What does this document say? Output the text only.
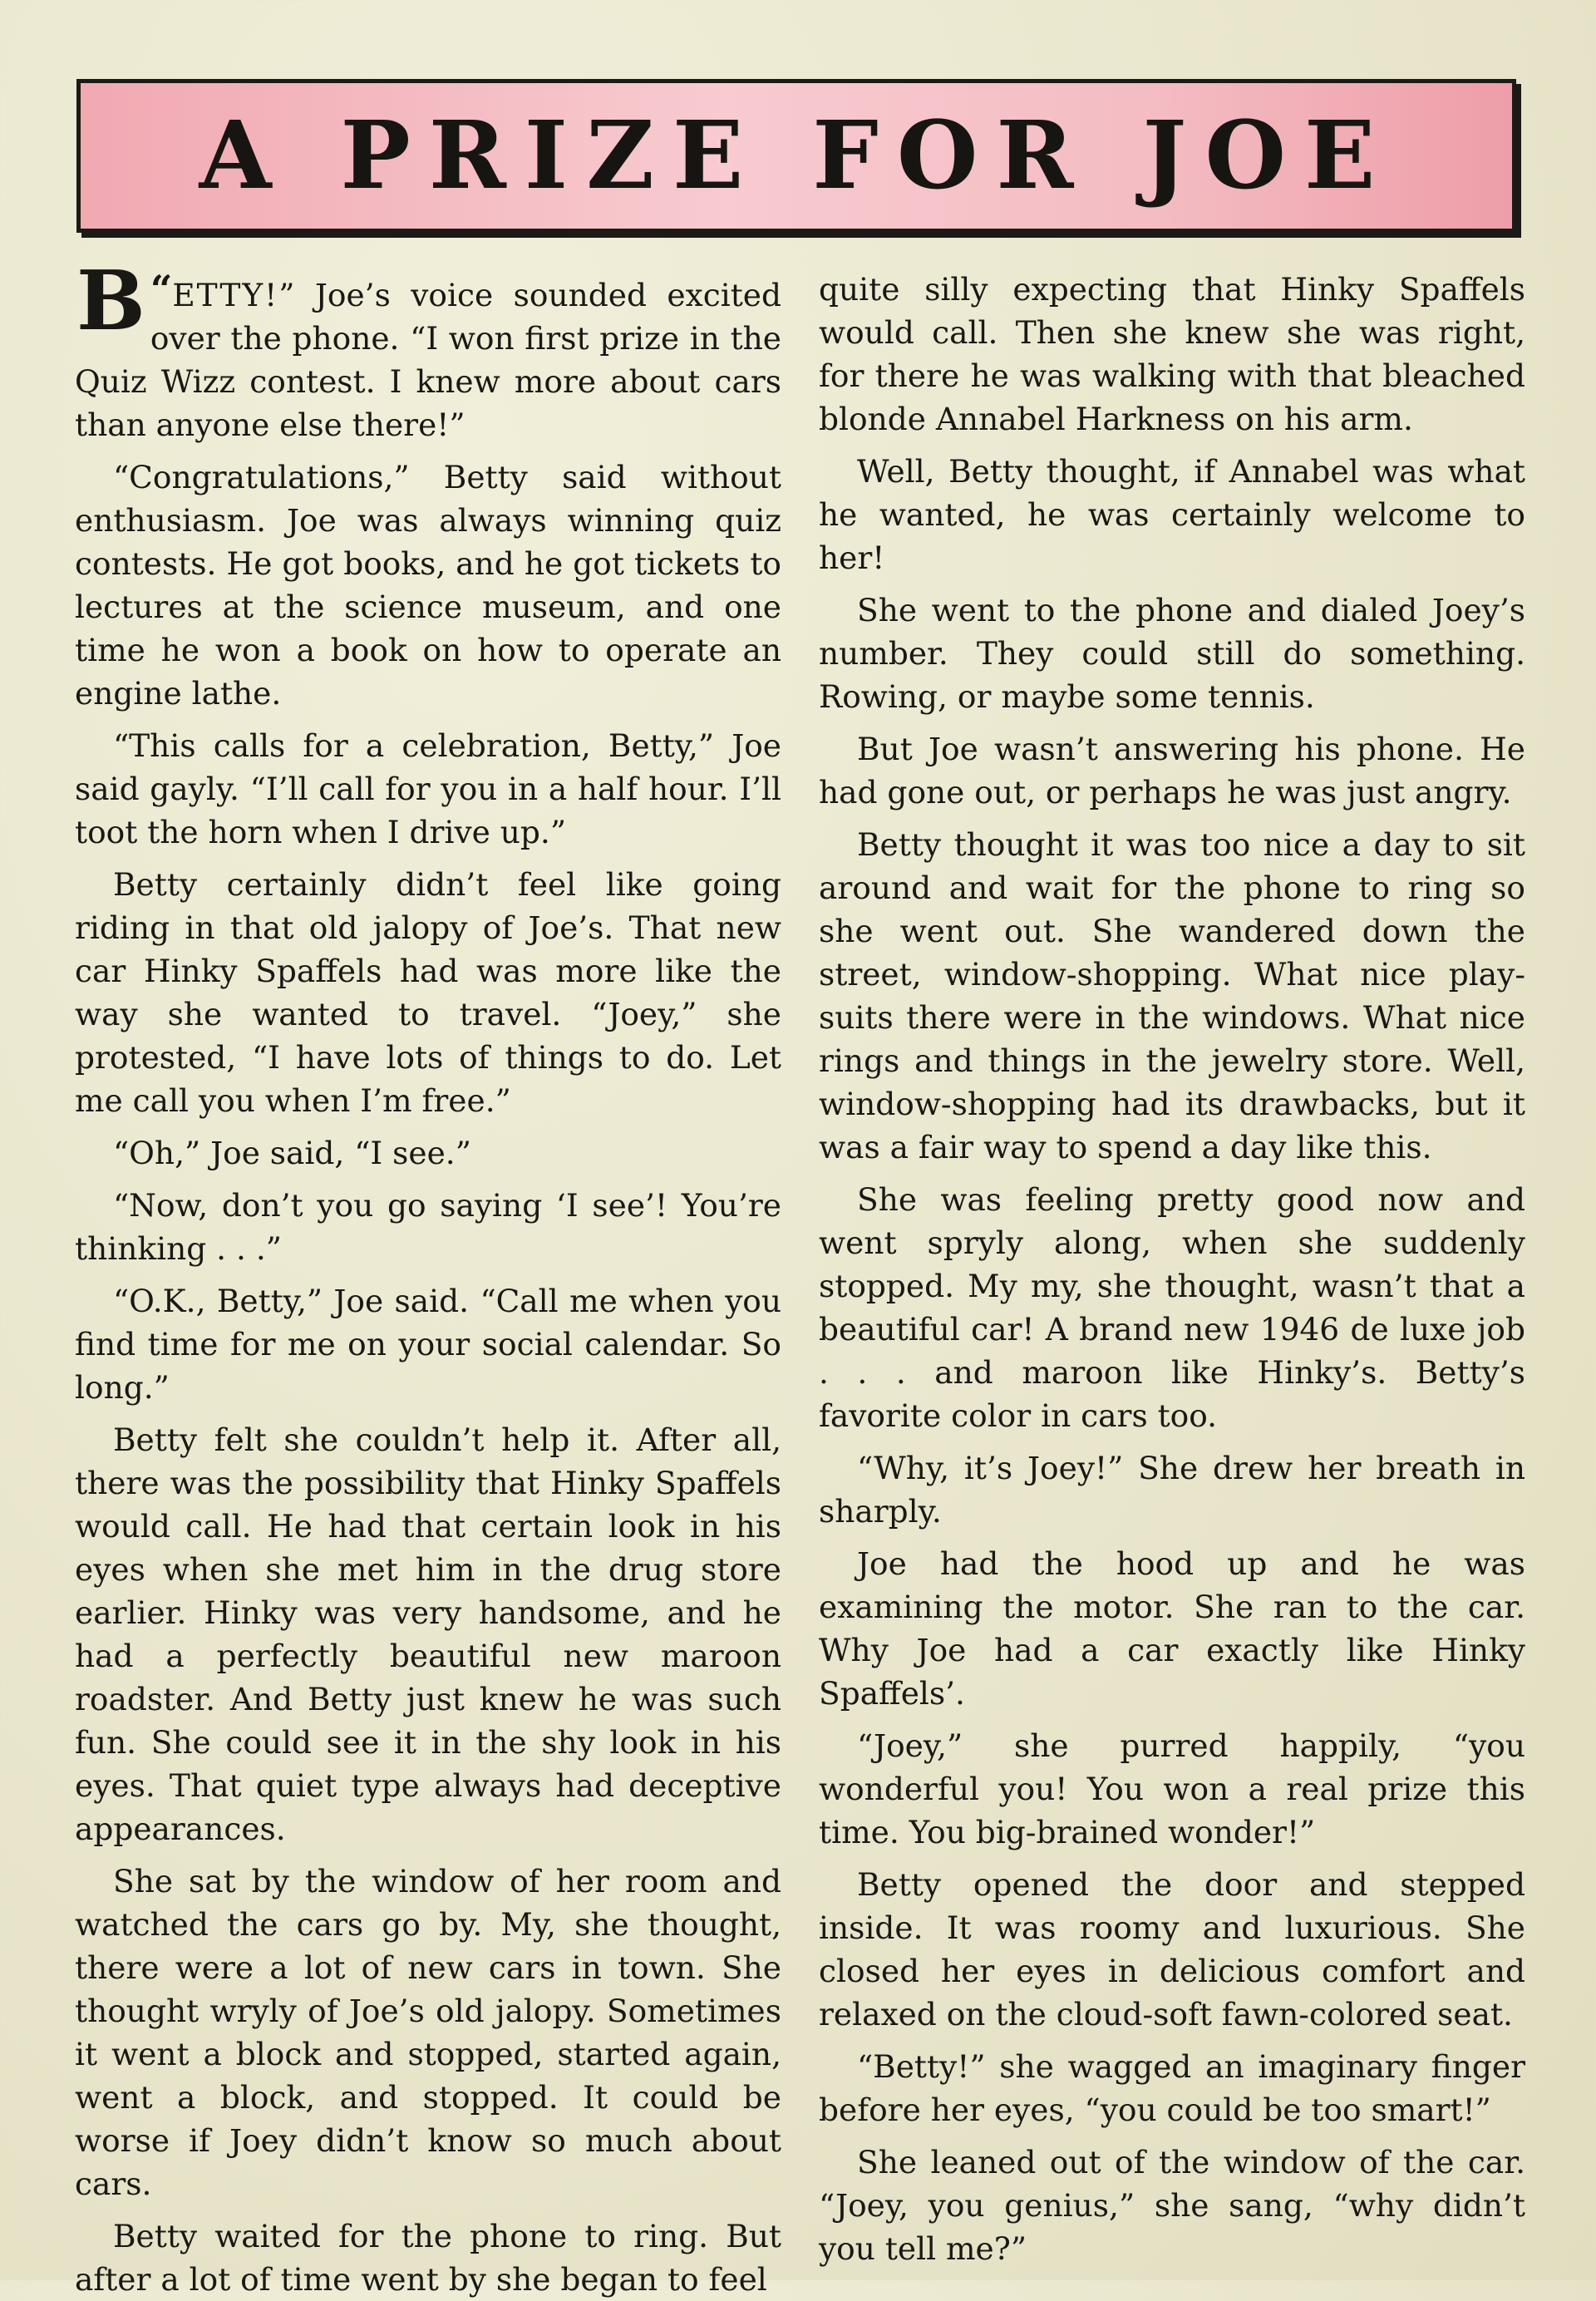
A PRIZE FOR JOE

“
B ETTY!” Joe’s voice sounded excited over the phone. “I won first prize in the Quiz Wizz contest. I knew more about cars than anyone else there!”

“Congratulations,” Betty said without enthusiasm. Joe was always winning quiz contests. He got books, and he got tickets to lectures at the science museum, and one time he won a book on how to operate an engine lathe.

“This calls for a celebration, Betty,” Joe said gayly. “I’ll call for you in a half hour. I’ll toot the horn when I drive up.”

Betty certainly didn’t feel like going riding in that old jalopy of Joe’s. That new car Hinky Spaffels had was more like the way she wanted to travel. “Joey,” she protested, “I have lots of things to do. Let me call you when I’m free.”

“Oh,” Joe said, “I see.”

“Now, don’t you go saying ‘I see’! You’re thinking . . .”

“O.K., Betty,” Joe said. “Call me when you find time for me on your social calendar. So long.”

Betty felt she couldn’t help it. After all, there was the possibility that Hinky Spaffels would call. He had that certain look in his eyes when she met him in the drug store earlier. Hinky was very handsome, and he had a perfectly beautiful new maroon roadster. And Betty just knew he was such fun. She could see it in the shy look in his eyes. That quiet type always had deceptive appearances.

She sat by the window of her room and watched the cars go by. My, she thought, there were a lot of new cars in town. She thought wryly of Joe’s old jalopy. Sometimes it went a block and stopped, started again, went a block, and stopped. It could be worse if Joey didn’t know so much about cars.

Betty waited for the phone to ring. But after a lot of time went by she began to feel

quite silly expecting that Hinky Spaffels would call. Then she knew she was right, for there he was walking with that bleached blonde Annabel Harkness on his arm.

Well, Betty thought, if Annabel was what he wanted, he was certainly welcome to her!

She went to the phone and dialed Joey’s number. They could still do something. Rowing, or maybe some tennis.

But Joe wasn’t answering his phone. He had gone out, or perhaps he was just angry.

Betty thought it was too nice a day to sit around and wait for the phone to ring so she went out. She wandered down the street, window-shopping. What nice play-suits there were in the windows. What nice rings and things in the jewelry store. Well, window-shopping had its drawbacks, but it was a fair way to spend a day like this.

She was feeling pretty good now and went spryly along, when she suddenly stopped. My my, she thought, wasn’t that a beautiful car! A brand new 1946 de luxe job . . . and maroon like Hinky’s. Betty’s favorite color in cars too.

“Why, it’s Joey!” She drew her breath in sharply.

Joe had the hood up and he was examining the motor. She ran to the car. Why Joe had a car exactly like Hinky Spaffels’.

“Joey,” she purred happily, “you wonderful you! You won a real prize this time. You big-brained wonder!”

Betty opened the door and stepped inside. It was roomy and luxurious. She closed her eyes in delicious comfort and relaxed on the cloud-soft fawn-colored seat.

“Betty!” she wagged an imaginary finger before her eyes, “you could be too smart!”

She leaned out of the window of the car. “Joey, you genius,” she sang, “why didn’t you tell me?”
